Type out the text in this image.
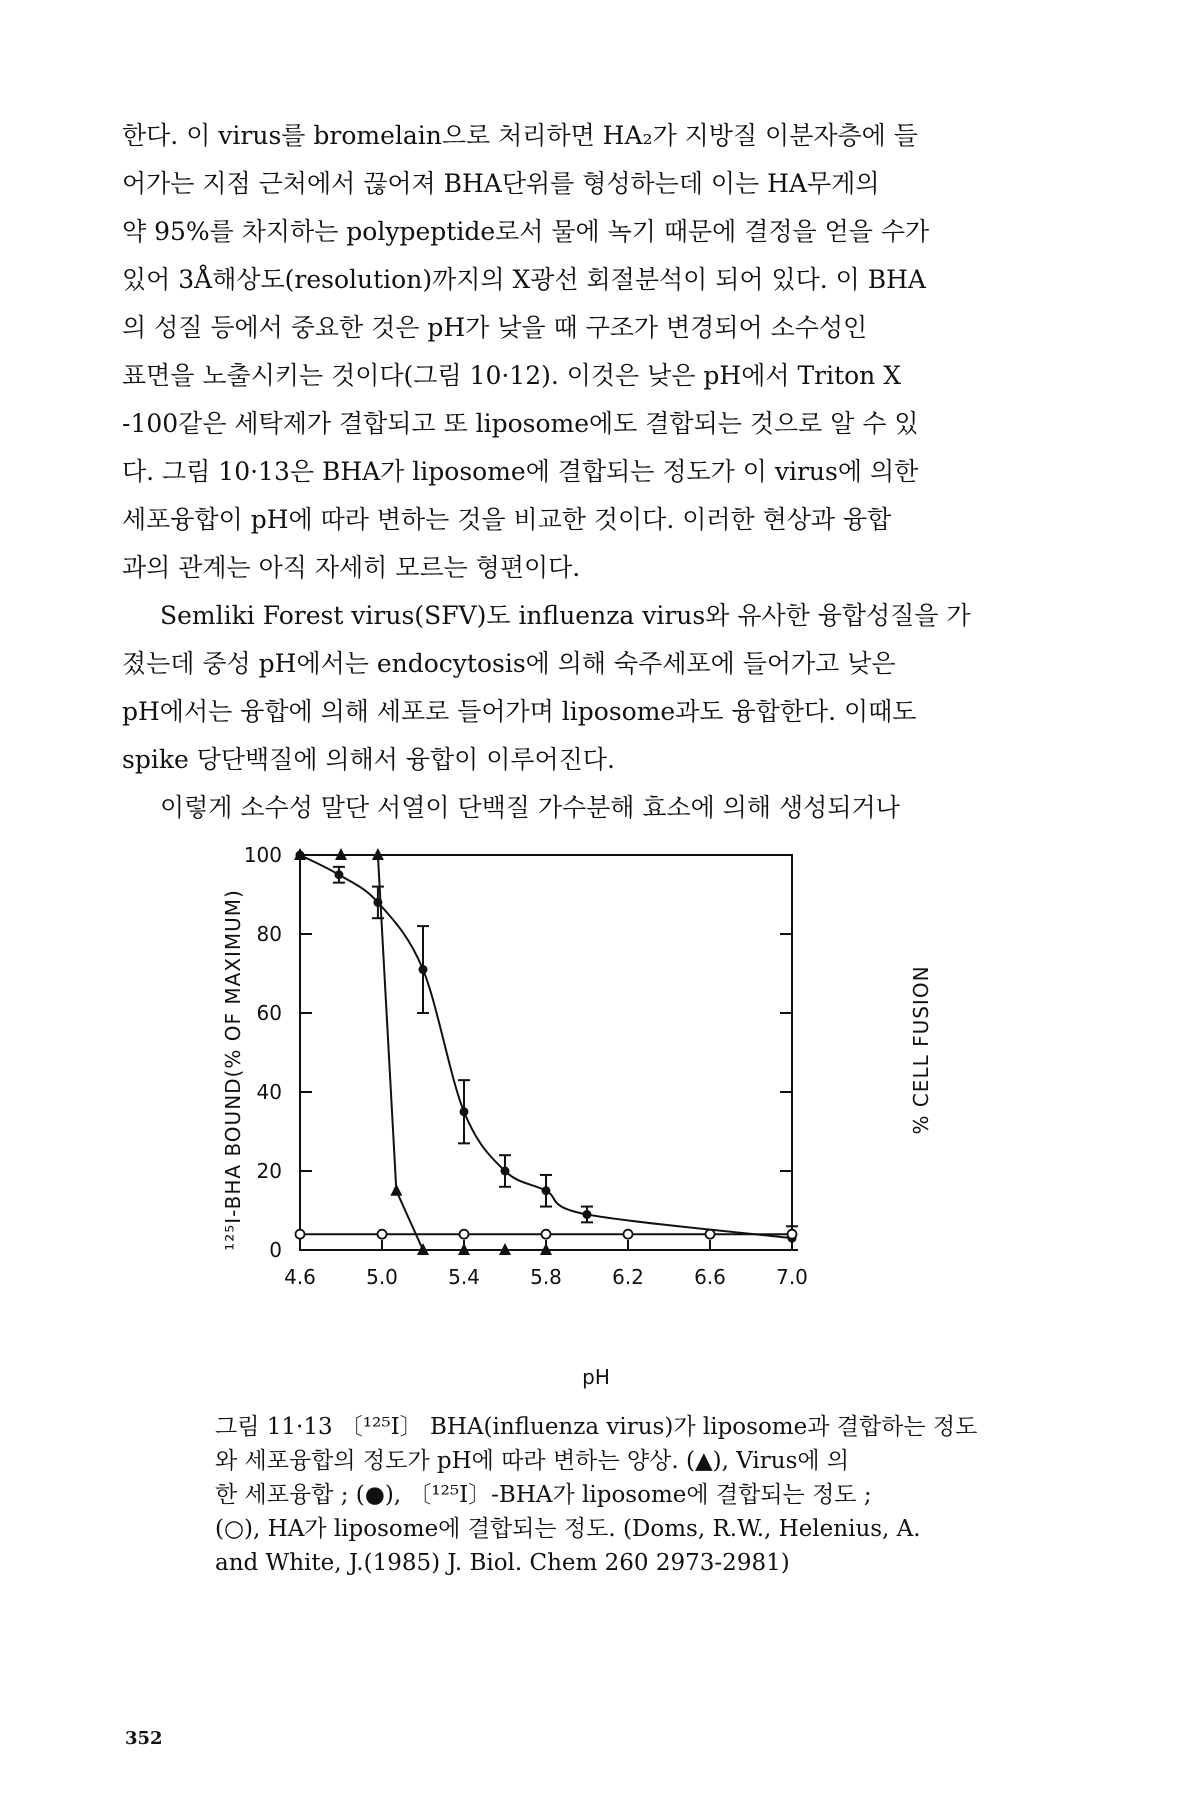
한다. 이 virus를 bromelain으로 처리하면 HA₂가 지방질 이분자층에 들
어가는 지점 근처에서 끊어져 BHA단위를 형성하는데 이는 HA무게의
약 95%를 차지하는 polypeptide로서 물에 녹기 때문에 결정을 얻을 수가
있어 3Å해상도(resolution)까지의 X광선 회절분석이 되어 있다. 이 BHA
의 성질 등에서 중요한 것은 pH가 낮을 때 구조가 변경되어 소수성인
표면을 노출시키는 것이다(그림 10·12). 이것은 낮은 pH에서 Triton X
-100같은 세탁제가 결합되고 또 liposome에도 결합되는 것으로 알 수 있
다. 그림 10·13은 BHA가 liposome에 결합되는 정도가 이 virus에 의한
세포융합이 pH에 따라 변하는 것을 비교한 것이다. 이러한 현상과 융합
과의 관계는 아직 자세히 모르는 형편이다.

Semliki Forest virus(SFV)도 influenza virus와 유사한 융합성질을 가
졌는데 중성 pH에서는 endocytosis에 의해 숙주세포에 들어가고 낮은
pH에서는 융합에 의해 세포로 들어가며 liposome과도 융합한다. 이때도
spike 당단백질에 의해서 융합이 이루어진다.

이렇게 소수성 말단 서열이 단백질 가수분해 효소에 의해 생성되거나

¹²⁵I-BHA BOUND(% OF MAXIMUM)	% CELL FUSION
pH
0
20
40
60
80
100
4.6	5.0	5.4	5.8	6.2	6.6	7.0
그림 11·13 〔¹²⁵I〕 BHA(influenza virus)가 liposome과 결합하는 정도
와 세포융합의 정도가 pH에 따라 변하는 양상. (▲), Virus에 의
한 세포융합 ; (●), 〔¹²⁵I〕-BHA가 liposome에 결합되는 정도 ;
(○), HA가 liposome에 결합되는 정도. (Doms, R.W., Helenius, A.
and White, J.(1985) J. Biol. Chem 260 2973-2981)
352
